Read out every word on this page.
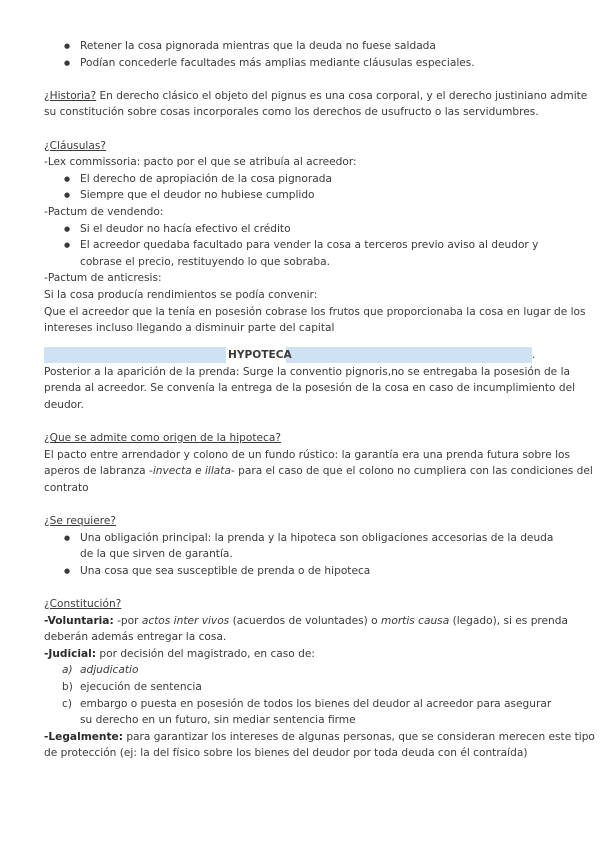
● Retener la cosa pignorada mientras que la deuda no fuese saldada
● Podían concederle facultades más amplias mediante cláusulas especiales.
¿Historia? En derecho clásico el objeto del pignus es una cosa corporal, y el derecho justiniano admite
su constitución sobre cosas incorporales como los derechos de usufructo o las servidumbres.
¿Cláusulas?
-Lex commissoria: pacto por el que se atribuía al acreedor:
● El derecho de apropiación de la cosa pignorada
● Siempre que el deudor no hubiese cumplido
-Pactum de vendendo:
● Si el deudor no hacía efectivo el crédito
● El acreedor quedaba facultado para vender la cosa a terceros previo aviso al deudor y cobrase el precio, restituyendo lo que sobraba.
-Pactum de anticresis:
Si la cosa producía rendimientos se podía convenir:
Que el acreedor que la tenía en posesión cobrase los frutos que proporcionaba la cosa en lugar de los
intereses incluso llegando a disminuir parte del capital
HYPOTECA	.
Posterior a la aparición de la prenda: Surge la conventio pignoris,no se entregaba la posesión de la
prenda al acreedor. Se convenía la entrega de la posesión de la cosa en caso de incumplimiento del
deudor.
¿Que se admite como origen de la hipoteca?
El pacto entre arrendador y colono de un fundo rústico: la garantía era una prenda futura sobre los
aperos de labranza -invecta e illata- para el caso de que el colono no cumpliera con las condiciones del
contrato
¿Se requiere?
● Una obligación principal: la prenda y la hipoteca son obligaciones accesorias de la deuda de la que sirven de garantía.
● Una cosa que sea susceptible de prenda o de hipoteca
¿Constitución?
-Voluntaria: -por actos inter vivos (acuerdos de voluntades) o mortis causa (legado), si es prenda
deberán además entregar la cosa.
-Judicial: por decisión del magistrado, en caso de:
a) adjudicatio
b) ejecución de sentencia
c) embargo o puesta en posesión de todos los bienes del deudor al acreedor para asegurar su derecho en un futuro, sin mediar sentencia firme
-Legalmente: para garantizar los intereses de algunas personas, que se consideran merecen este tipo
de protección (ej: la del físico sobre los bienes del deudor por toda deuda con él contraída)
